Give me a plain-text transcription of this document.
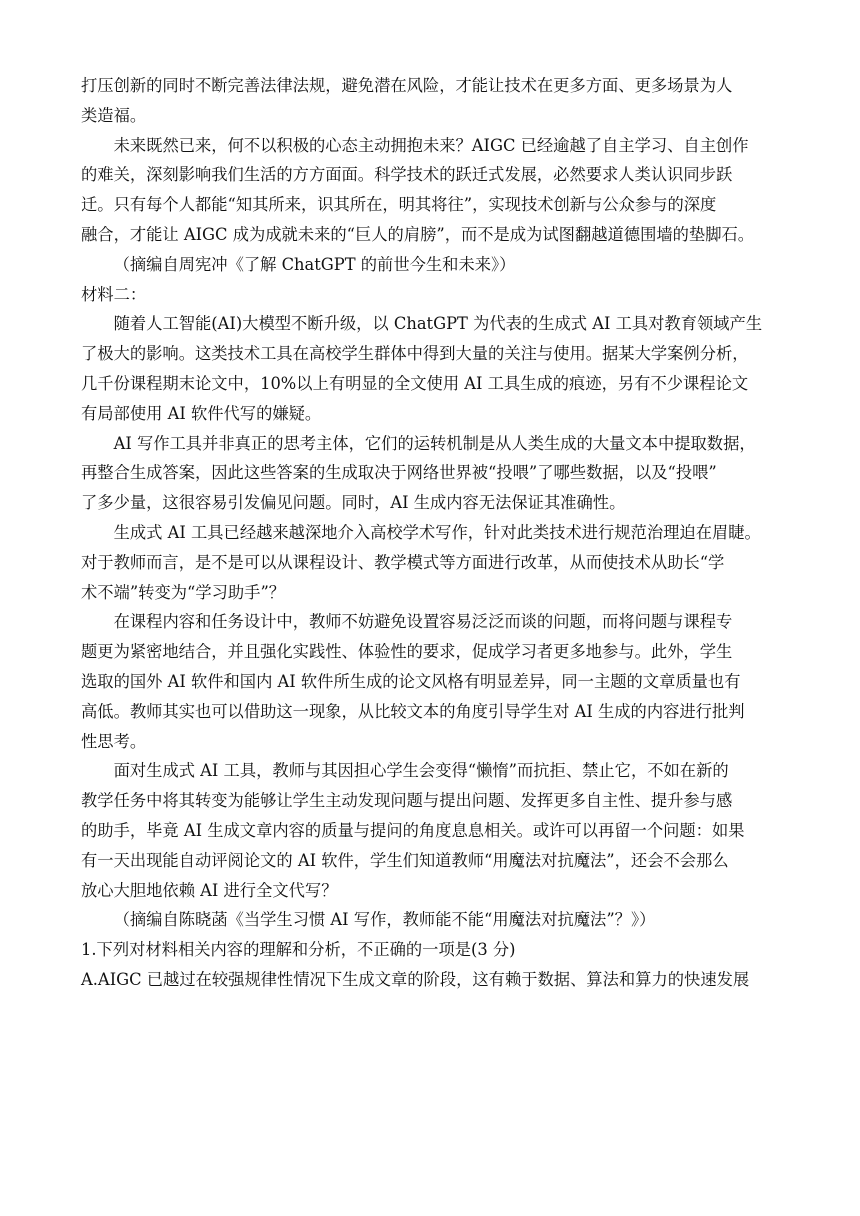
打压创新的同时不断完善法律法规，避免潜在风险，才能让技术在更多方面、更多场景为人
类造福。

未来既然已来，何不以积极的心态主动拥抱未来？AIGC 已经逾越了自主学习、自主创作
的难关，深刻影响我们生活的方方面面。科学技术的跃迁式发展，必然要求人类认识同步跃
迁。只有每个人都能“知其所来，识其所在，明其将往”，实现技术创新与公众参与的深度
融合，才能让 AIGC 成为成就未来的“巨人的肩膀”，而不是成为试图翻越道德围墙的垫脚石。

（摘编自周宪冲《了解 ChatGPT 的前世今生和未来》）

材料二：

随着人工智能(AI)大模型不断升级，以 ChatGPT 为代表的生成式 AI 工具对教育领域产生
了极大的影响。这类技术工具在高校学生群体中得到大量的关注与使用。据某大学案例分析，
几千份课程期末论文中，10%以上有明显的全文使用 AI 工具生成的痕迹，另有不少课程论文
有局部使用 AI 软件代写的嫌疑。

AI 写作工具并非真正的思考主体，它们的运转机制是从人类生成的大量文本中提取数据，
再整合生成答案，因此这些答案的生成取决于网络世界被“投喂”了哪些数据，以及“投喂”
了多少量，这很容易引发偏见问题。同时，AI 生成内容无法保证其准确性。

生成式 AI 工具已经越来越深地介入高校学术写作，针对此类技术进行规范治理迫在眉睫。
对于教师而言，是不是可以从课程设计、教学模式等方面进行改革，从而使技术从助长“学
术不端”转变为“学习助手”？

在课程内容和任务设计中，教师不妨避免设置容易泛泛而谈的问题，而将问题与课程专
题更为紧密地结合，并且强化实践性、体验性的要求，促成学习者更多地参与。此外，学生
选取的国外 AI 软件和国内 AI 软件所生成的论文风格有明显差异，同一主题的文章质量也有
高低。教师其实也可以借助这一现象，从比较文本的角度引导学生对 AI 生成的内容进行批判
性思考。

面对生成式 AI 工具，教师与其因担心学生会变得“懒惰”而抗拒、禁止它，不如在新的
教学任务中将其转变为能够让学生主动发现问题与提出问题、发挥更多自主性、提升参与感
的助手，毕竟 AI 生成文章内容的质量与提问的角度息息相关。或许可以再留一个问题：如果
有一天出现能自动评阅论文的 AI 软件，学生们知道教师“用魔法对抗魔法”，还会不会那么
放心大胆地依赖 AI 进行全文代写？

（摘编自陈晓菡《当学生习惯 AI 写作，教师能不能“用魔法对抗魔法”？》）

1.下列对材料相关内容的理解和分析，不正确的一项是(3 分)

A.AIGC 已越过在较强规律性情况下生成文章的阶段，这有赖于数据、算法和算力的快速发展
